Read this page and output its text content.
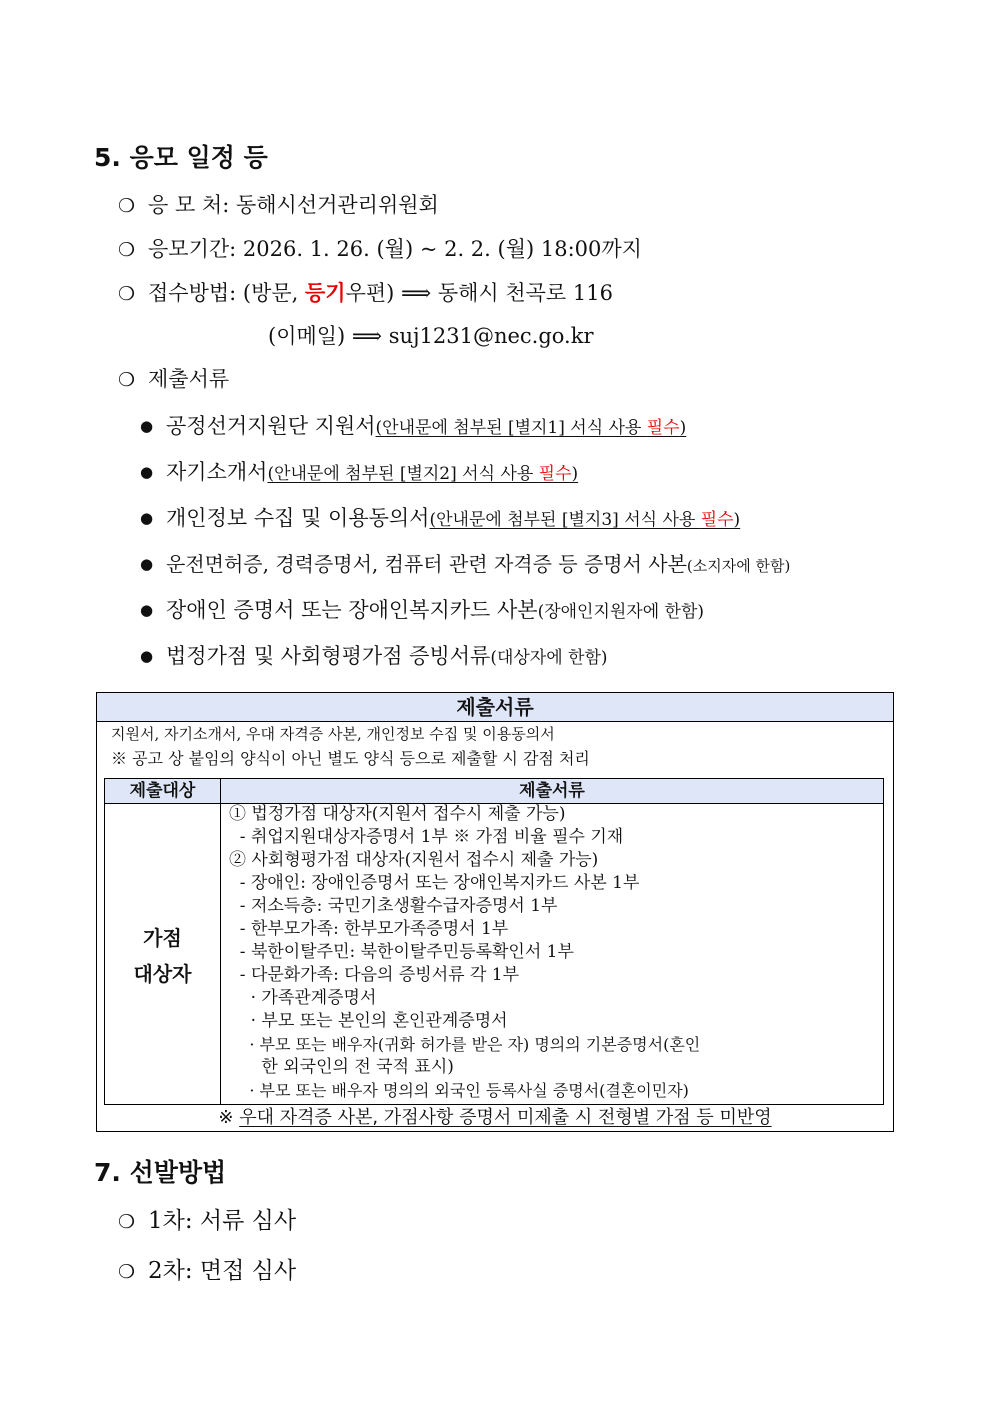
5. 응모 일정 등
❍ 응 모 처: 동해시선거관리위원회
❍ 응모기간: 2026. 1. 26. (월) ~ 2. 2. (월) 18:00까지
❍ 접수방법: (방문, 등기우편) ⟹ 동해시 천곡로 116
(이메일) ⟹ suj1231@nec.go.kr
❍ 제출서류
● 공정선거지원단 지원서(안내문에 첨부된 [별지1] 서식 사용 필수)
● 자기소개서(안내문에 첨부된 [별지2] 서식 사용 필수)
● 개인정보 수집 및 이용동의서(안내문에 첨부된 [별지3] 서식 사용 필수)
● 운전면허증, 경력증명서, 컴퓨터 관련 자격증 등 증명서 사본(소지자에 한함)
● 장애인 증명서 또는 장애인복지카드 사본(장애인지원자에 한함)
● 법정가점 및 사회형평가점 증빙서류(대상자에 한함)
제출서류
지원서, 자기소개서, 우대 자격증 사본, 개인정보 수집 및 이용동의서
※ 공고 상 붙임의 양식이 아닌 별도 양식 등으로 제출할 시 감점 처리
제출대상	제출서류
가점
대상자
① 법정가점 대상자(지원서 접수시 제출 가능)
- 취업지원대상자증명서 1부 ※ 가점 비율 필수 기재
② 사회형평가점 대상자(지원서 접수시 제출 가능)
- 장애인: 장애인증명서 또는 장애인복지카드 사본 1부
- 저소득층: 국민기초생활수급자증명서 1부
- 한부모가족: 한부모가족증명서 1부
- 북한이탈주민: 북한이탈주민등록확인서 1부
- 다문화가족: 다음의 증빙서류 각 1부
· 가족관계증명서
· 부모 또는 본인의 혼인관계증명서
· 부모 또는 배우자(귀화 허가를 받은 자) 명의의 기본증명서(혼인
한 외국인의 전 국적 표시)
· 부모 또는 배우자 명의의 외국인 등록사실 증명서(결혼이민자)
※ 우대 자격증 사본, 가점사항 증명서 미제출 시 전형별 가점 등 미반영
7. 선발방법
❍ 1차: 서류 심사
❍ 2차: 면접 심사
